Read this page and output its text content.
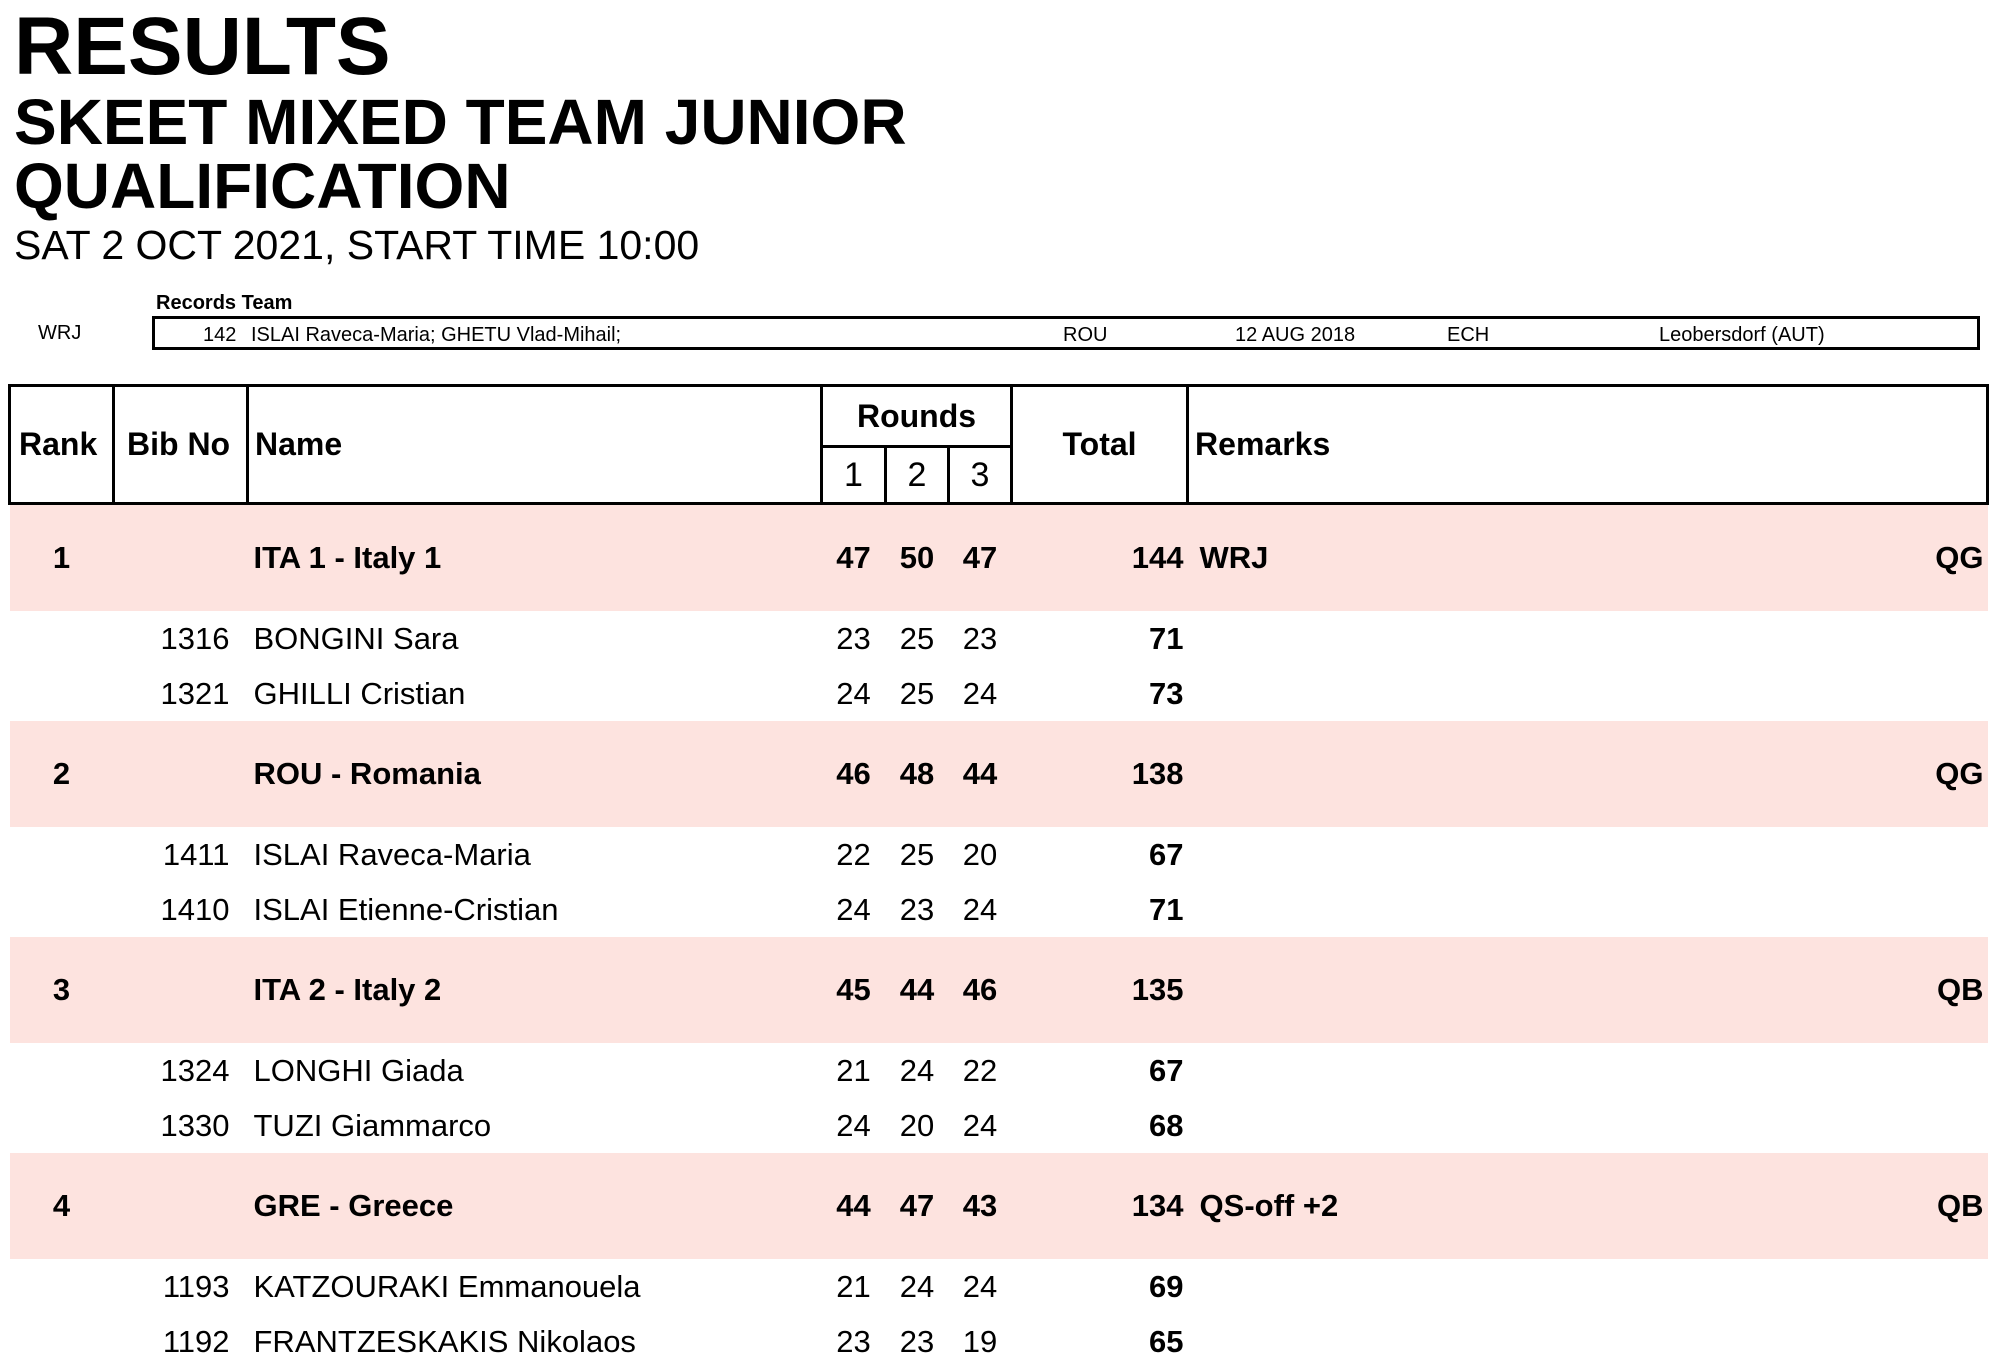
RESULTS
SKEET MIXED TEAM JUNIOR
QUALIFICATION
SAT 2 OCT 2021, START TIME 10:00
Records Team
WRJ	142 ISLAI Raveca-Maria; GHETU Vlad-Mihail;	ROU	12 AUG 2018	ECH	Leobersdorf (AUT)
Rank	Bib No	Name	Rounds			Total	Remarks
			1	2	3		
1		ITA 1 - Italy 1	47	50	47	144	WRJ QG

	1316	BONGINI Sara	23	25	23	71	
	1321	GHILLI Cristian	24	25	24	73	
2		ROU - Romania	46	48	44	138	QG

	1411	ISLAI Raveca-Maria	22	25	20	67	
	1410	ISLAI Etienne-Cristian	24	23	24	71	
3		ITA 2 - Italy 2	45	44	46	135	QB

	1324	LONGHI Giada	21	24	22	67	
	1330	TUZI Giammarco	24	20	24	68	
4		GRE - Greece	44	47	43	134	QS-off +2 QB

	1193	KATZOURAKI Emmanouela	21	24	24	69	
	1192	FRANTZESKAKIS Nikolaos	23	23	19	65	
